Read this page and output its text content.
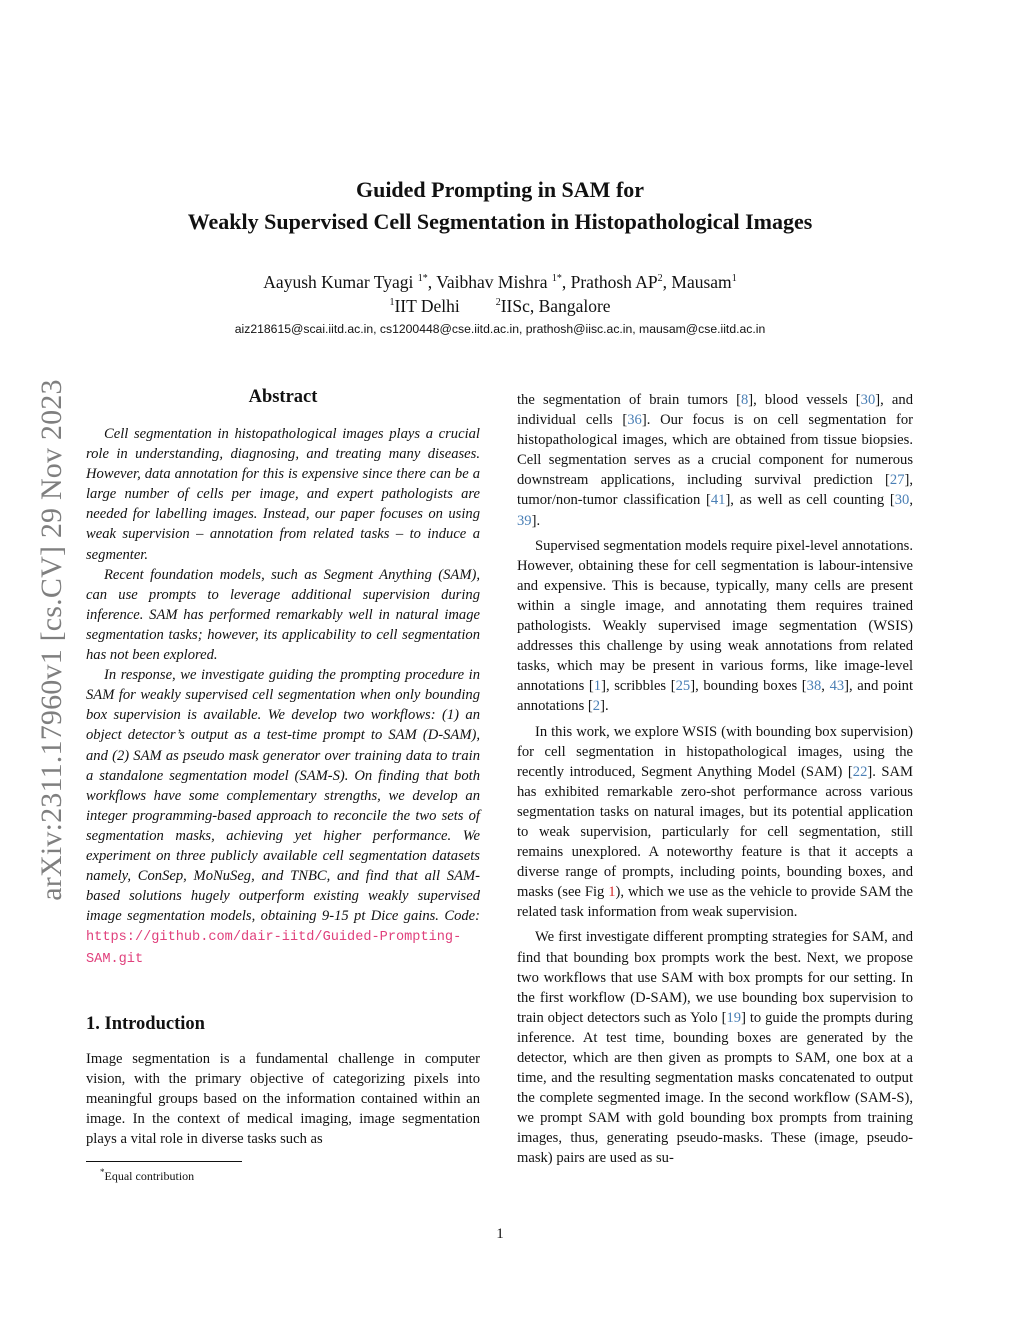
arXiv:2311.17960v1 [cs.CV] 29 Nov 2023
Guided Prompting in SAM for
Weakly Supervised Cell Segmentation in Histopathological Images
Aayush Kumar Tyagi $^{1*}$, Vaibhav Mishra $^{1*}$, Prathosh $AP^2$, Mausam$^1$
$^1$IIT Delhi	$^2$IISc, Bangalore
aiz218615@scai.iitd.ac.in, cs1200448@cse.iitd.ac.in, prathosh@iisc.ac.in, mausam@cse.iitd.ac.in
Abstract

Cell segmentation in histopathological images plays a crucial role in understanding, diagnosing, and treating many diseases. However, data annotation for this is expensive since there can be a large number of cells per image, and expert pathologists are needed for labelling images. Instead, our paper focuses on using weak supervision – annotation from related tasks – to induce a segmenter.

Recent foundation models, such as Segment Anything (SAM), can use prompts to leverage additional supervision during inference. SAM has performed remarkably well in natural image segmentation tasks; however, its applicability to cell segmentation has not been explored.

In response, we investigate guiding the prompting procedure in SAM for weakly supervised cell segmentation when only bounding box supervision is available. We develop two workflows: (1) an object detector’s output as a test-time prompt to SAM (D-SAM), and (2) SAM as pseudo mask generator over training data to train a standalone segmentation model (SAM-S). On finding that both workflows have some complementary strengths, we develop an integer programming-based approach to reconcile the two sets of segmentation masks, achieving yet higher performance. We experiment on three publicly available cell segmentation datasets namely, ConSep, MoNuSeg, and TNBC, and find that all SAM-based solutions hugely outperform existing weakly supervised image segmentation models, obtaining 9-15 pt Dice gains. Code: https://github.com/dair-iitd/Guided-Prompting-SAM.git

1. Introduction

Image segmentation is a fundamental challenge in computer vision, with the primary objective of categorizing pixels into meaningful groups based on the information contained within an image. In the context of medical imaging, image segmentation plays a vital role in diverse tasks such as

*Equal contribution

the segmentation of brain tumors [8], blood vessels [30], and individual cells [36]. Our focus is on cell segmentation for histopathological images, which are obtained from tissue biopsies. Cell segmentation serves as a crucial component for numerous downstream applications, including survival prediction [27], tumor/non-tumor classification [41], as well as cell counting [30, 39].

Supervised segmentation models require pixel-level annotations. However, obtaining these for cell segmentation is labour-intensive and expensive. This is because, typically, many cells are present within a single image, and annotating them requires trained pathologists. Weakly supervised image segmentation (WSIS) addresses this challenge by using weak annotations from related tasks, which may be present in various forms, like image-level annotations [1], scribbles [25], bounding boxes [38, 43], and point annotations [2].

In this work, we explore WSIS (with bounding box supervision) for cell segmentation in histopathological images, using the recently introduced, Segment Anything Model (SAM) [22]. SAM has exhibited remarkable zero-shot performance across various segmentation tasks on natural images, but its potential application to weak supervision, particularly for cell segmentation, still remains unexplored. A noteworthy feature is that it accepts a diverse range of prompts, including points, bounding boxes, and masks (see Fig 1), which we use as the vehicle to provide SAM the related task information from weak supervision.

We first investigate different prompting strategies for SAM, and find that bounding box prompts work the best. Next, we propose two workflows that use SAM with box prompts for our setting. In the first workflow (D-SAM), we use bounding box supervision to train object detectors such as Yolo [19] to guide the prompts during inference. At test time, bounding boxes are generated by the detector, which are then given as prompts to SAM, one box at a time, and the resulting segmentation masks concatenated to output the complete segmented image. In the second workflow (SAM-S), we prompt SAM with gold bounding box prompts from training images, thus, generating pseudo-masks. These (image, pseudo-mask) pairs are used as su-

1
